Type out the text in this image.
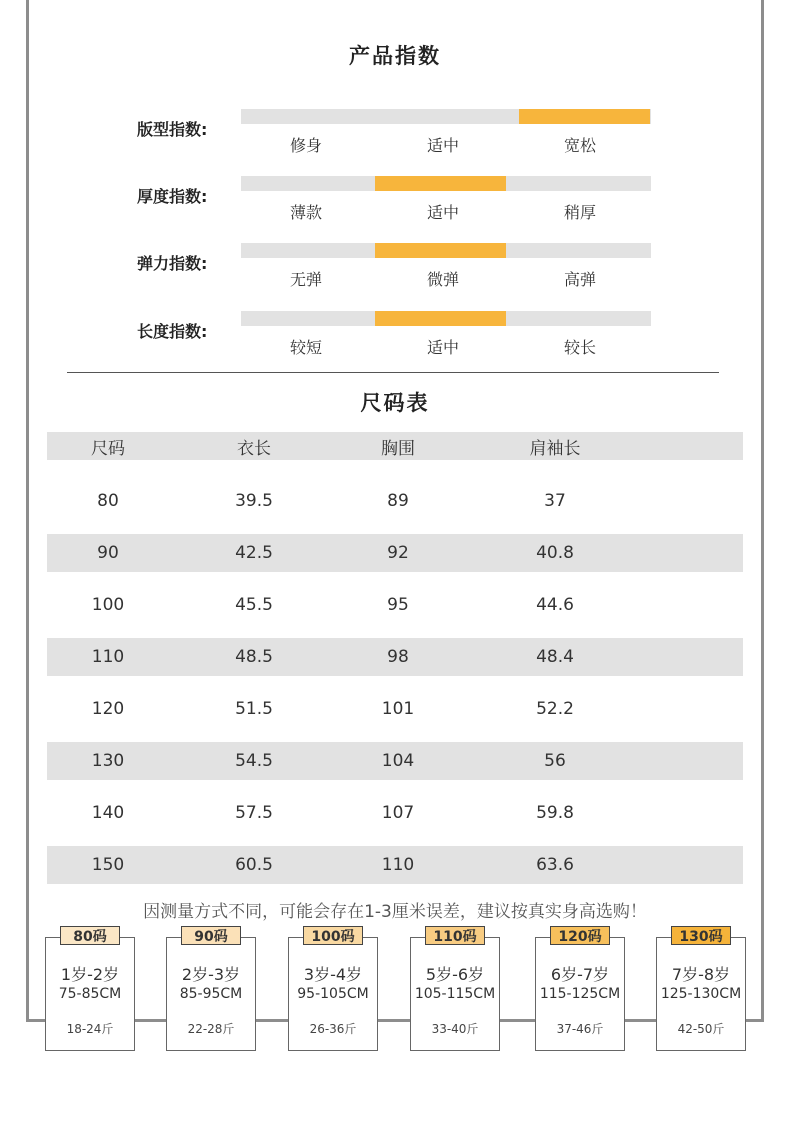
产品指数
版型指数:
修身	适中	宽松
厚度指数:
薄款	适中	稍厚
弹力指数:
无弹	微弹	高弹
长度指数:
较短	适中	较长
尺码表
尺码	衣长	胸围	肩袖长
80	39.5	89	37
90	42.5	92	40.8
100	45.5	95	44.6
110	48.5	98	48.4
120	51.5	101	52.2
130	54.5	104	56
140	57.5	107	59.8
150	60.5	110	63.6
因测量方式不同，可能会存在1-3厘米误差，建议按真实身高选购！
1岁-2岁
75-85CM
18-24斤
80码
2岁-3岁
85-95CM
22-28斤
90码
3岁-4岁
95-105CM
26-36斤
100码
5岁-6岁
105-115CM
33-40斤
110码
6岁-7岁
115-125CM
37-46斤
120码
7岁-8岁
125-130CM
42-50斤
130码
